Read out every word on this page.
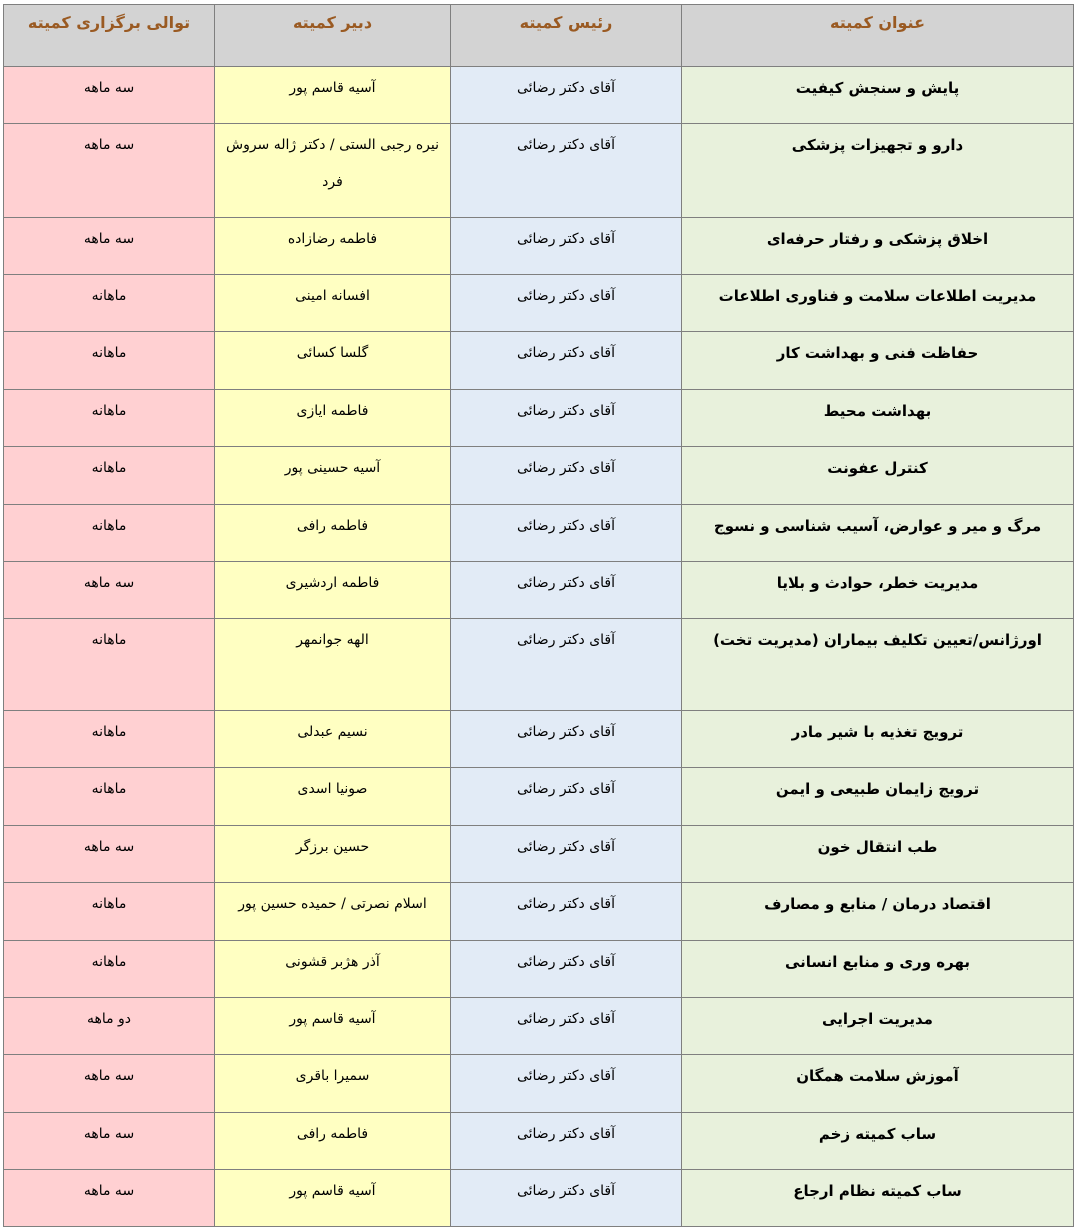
عنوان کمیته	رئیس کمیته	دبیر کمیته	توالی برگزاری کمیته
پایش و سنجش کیفیت	آقای دکتر رضائی	آسیه قاسم پور	سه ماهه
دارو و تجهیزات پزشکی	آقای دکتر رضائی	نیره رجبی الستی / دکتر ژاله سروش فرد	سه ماهه
اخلاق پزشکی و رفتار حرفه‌ای	آقای دکتر رضائی	فاطمه رضازاده	سه ماهه
مدیریت اطلاعات سلامت و فناوری اطلاعات	آقای دکتر رضائی	افسانه امینی	ماهانه
حفاظت فنی و بهداشت کار	آقای دکتر رضائی	گلسا کسائی	ماهانه
بهداشت محیط	آقای دکتر رضائی	فاطمه ایازی	ماهانه
کنترل عفونت	آقای دکتر رضائی	آسیه حسینی پور	ماهانه
مرگ و میر و عوارض، آسیب شناسی و نسوج	آقای دکتر رضائی	فاطمه رافی	ماهانه
مدیریت خطر، حوادث و بلایا	آقای دکتر رضائی	فاطمه اردشیری	سه ماهه
اورژانس/تعیین تکلیف بیماران (مدیریت تخت)	آقای دکتر رضائی	الهه جوانمهر	ماهانه
ترویج تغذیه با شیر مادر	آقای دکتر رضائی	نسیم عبدلی	ماهانه
ترویج زایمان طبیعی و ایمن	آقای دکتر رضائی	صونیا اسدی	ماهانه
طب انتقال خون	آقای دکتر رضائی	حسین برزگر	سه ماهه
اقتصاد درمان / منابع و مصارف	آقای دکتر رضائی	اسلام نصرتی / حمیده حسین پور	ماهانه
بهره وری و منابع انسانی	آقای دکتر رضائی	آذر هژبر قشونی	ماهانه
مدیریت اجرایی	آقای دکتر رضائی	آسیه قاسم پور	دو ماهه
آموزش سلامت همگان	آقای دکتر رضائی	سمیرا باقری	سه ماهه
ساب کمیته زخم	آقای دکتر رضائی	فاطمه رافی	سه ماهه
ساب کمیته نظام ارجاع	آقای دکتر رضائی	آسیه قاسم پور	سه ماهه
